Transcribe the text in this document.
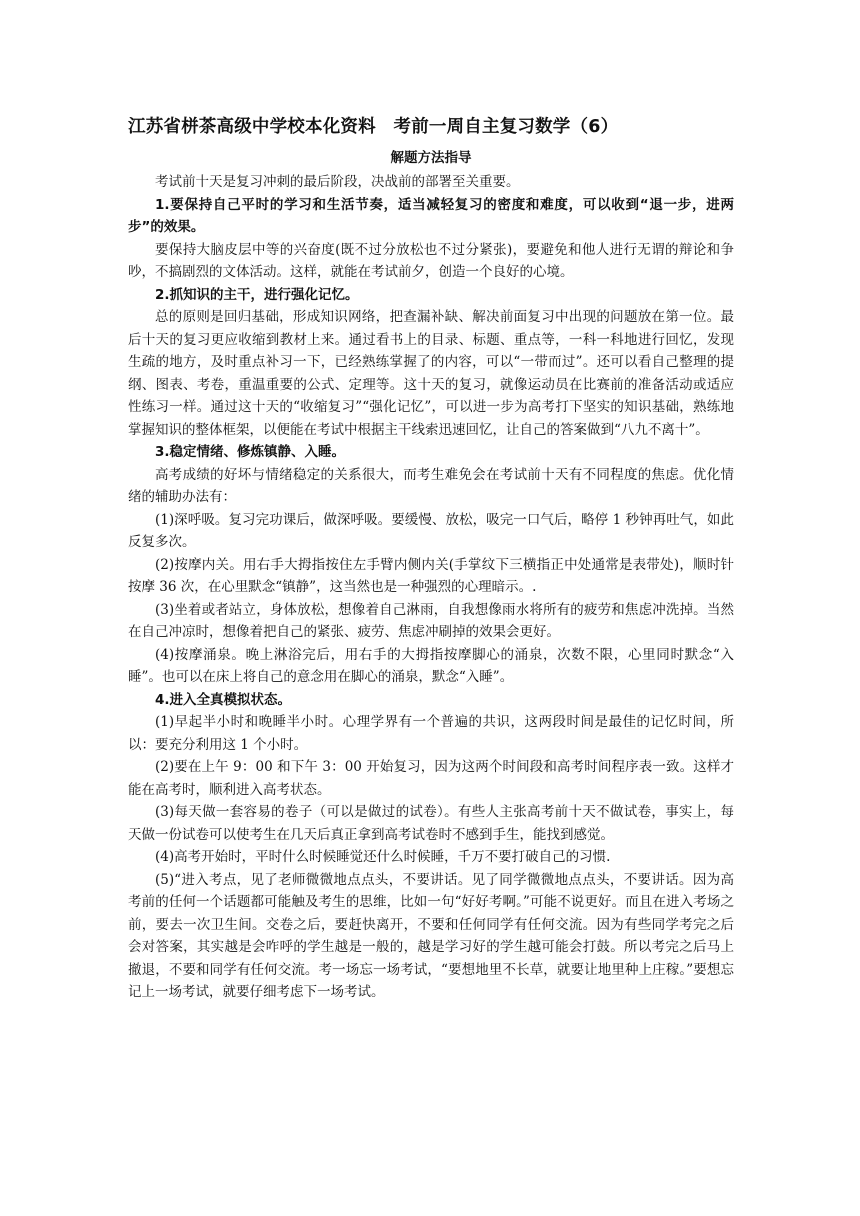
江苏省栟茶高级中学校本化资料　考前一周自主复习数学（6）
解题方法指导

考试前十天是复习冲刺的最后阶段，决战前的部署至关重要。

1.要保持自己平时的学习和生活节奏，适当减轻复习的密度和难度，可以收到“退一步，进两步”的效果。

要保持大脑皮层中等的兴奋度(既不过分放松也不过分紧张)，要避免和他人进行无谓的辩论和争吵，不搞剧烈的文体活动。这样，就能在考试前夕，创造一个良好的心境。

2.抓知识的主干，进行强化记忆。

总的原则是回归基础，形成知识网络，把查漏补缺、解决前面复习中出现的问题放在第一位。最后十天的复习更应收缩到教材上来。通过看书上的目录、标题、重点等，一科一科地进行回忆，发现生疏的地方，及时重点补习一下，已经熟练掌握了的内容，可以“一带而过”。还可以看自己整理的提纲、图表、考卷，重温重要的公式、定理等。这十天的复习，就像运动员在比赛前的准备活动或适应性练习一样。通过这十天的“收缩复习”“强化记忆”，可以进一步为高考打下坚实的知识基础，熟练地掌握知识的整体框架，以便能在考试中根据主干线索迅速回忆，让自己的答案做到“八九不离十”。

3.稳定情绪、修炼镇静、入睡。

高考成绩的好坏与情绪稳定的关系很大，而考生难免会在考试前十天有不同程度的焦虑。优化情绪的辅助办法有：

(1)深呼吸。复习完功课后，做深呼吸。要缓慢、放松，吸完一口气后，略停 1 秒钟再吐气，如此反复多次。

(2)按摩内关。用右手大拇指按住左手臂内侧内关(手掌纹下三横指正中处通常是表带处)，顺时针按摩 36 次，在心里默念“镇静”，这当然也是一种强烈的心理暗示。.

(3)坐着或者站立，身体放松，想像着自己淋雨，自我想像雨水将所有的疲劳和焦虑冲洗掉。当然在自己冲凉时，想像着把自己的紧张、疲劳、焦虑冲刷掉的效果会更好。

(4)按摩涌泉。晚上淋浴完后，用右手的大拇指按摩脚心的涌泉，次数不限，心里同时默念“入睡”。也可以在床上将自己的意念用在脚心的涌泉，默念“入睡”。

4.进入全真模拟状态。

(1)早起半小时和晚睡半小时。心理学界有一个普遍的共识，这两段时间是最佳的记忆时间，所以：要充分利用这 1 个小时。

(2)要在上午 9：00 和下午 3：00 开始复习，因为这两个时间段和高考时间程序表一致。这样才能在高考时，顺利进入高考状态。

(3)每天做一套容易的卷子（可以是做过的试卷）。有些人主张高考前十天不做试卷，事实上，每天做一份试卷可以使考生在几天后真正拿到高考试卷时不感到手生，能找到感觉。

(4)高考开始时，平时什么时候睡觉还什么时候睡，千万不要打破自己的习惯.

(5)“进入考点，见了老师微微地点点头，不要讲话。见了同学微微地点点头，不要讲话。因为高考前的任何一个话题都可能触及考生的思维，比如一句“好好考啊。”可能不说更好。而且在进入考场之前，要去一次卫生间。交卷之后，要赶快离开，不要和任何同学有任何交流。因为有些同学考完之后会对答案，其实越是会咋呼的学生越是一般的，越是学习好的学生越可能会打鼓。所以考完之后马上撤退，不要和同学有任何交流。考一场忘一场考试，“要想地里不长草，就要让地里种上庄稼。”要想忘记上一场考试，就要仔细考虑下一场考试。
